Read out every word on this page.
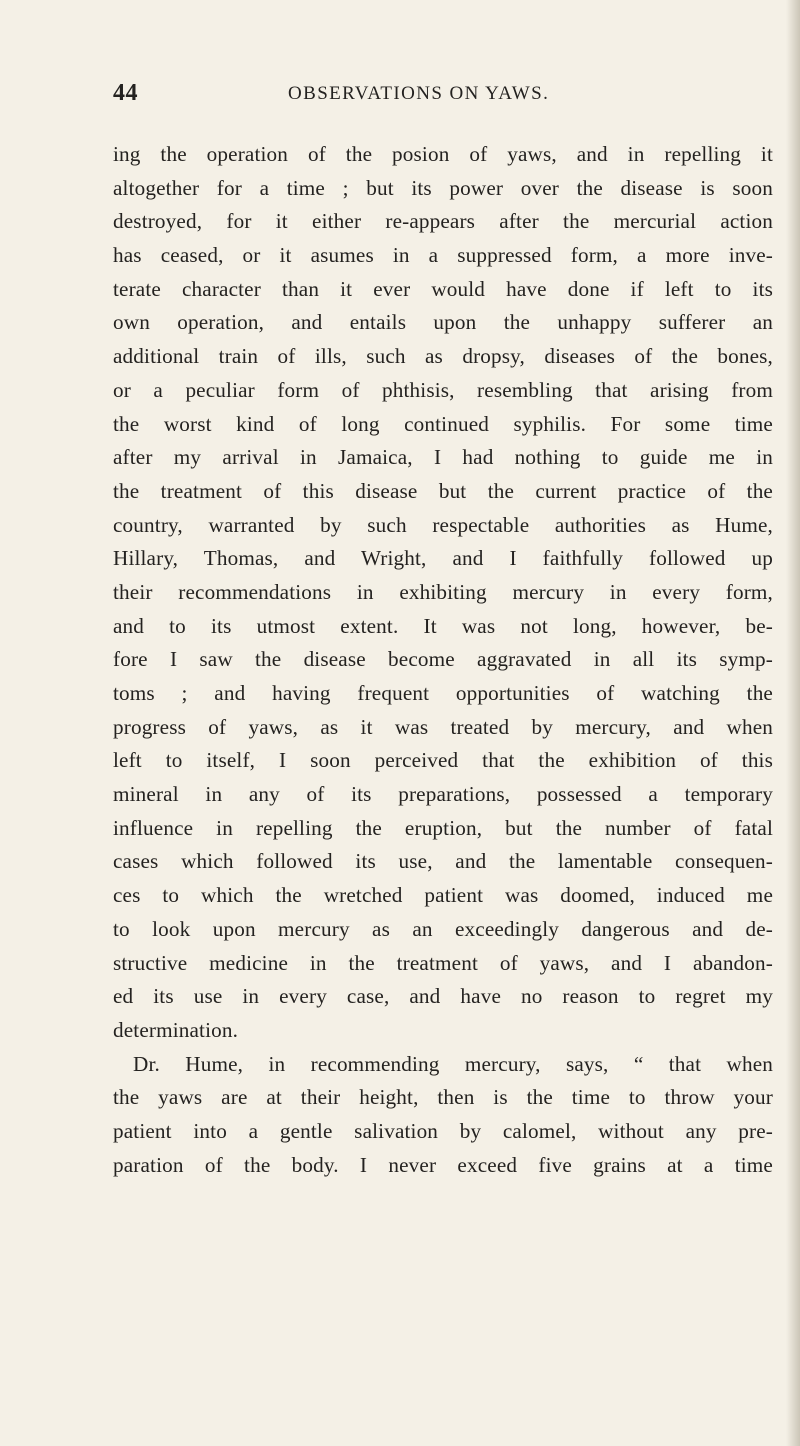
44	OBSERVATIONS ON YAWS.
ing the operation of the posion of yaws, and in repelling it
altogether for a time ; but its power over the disease is soon
destroyed, for it either re-appears after the mercurial action
has ceased, or it asumes in a suppressed form, a more inve-
terate character than it ever would have done if left to its
own operation, and entails upon the unhappy sufferer an
additional train of ills, such as dropsy, diseases of the bones,
or a peculiar form of phthisis, resembling that arising from
the worst kind of long continued syphilis. For some time
after my arrival in Jamaica, I had nothing to guide me in
the treatment of this disease but the current practice of the
country, warranted by such respectable authorities as Hume,
Hillary, Thomas, and Wright, and I faithfully followed up
their recommendations in exhibiting mercury in every form,
and to its utmost extent. It was not long, however, be-
fore I saw the disease become aggravated in all its symp-
toms ; and having frequent opportunities of watching the
progress of yaws, as it was treated by mercury, and when
left to itself, I soon perceived that the exhibition of this
mineral in any of its preparations, possessed a temporary
influence in repelling the eruption, but the number of fatal
cases which followed its use, and the lamentable consequen-
ces to which the wretched patient was doomed, induced me
to look upon mercury as an exceedingly dangerous and de-
structive medicine in the treatment of yaws, and I abandon-
ed its use in every case, and have no reason to regret my
determination.
Dr. Hume, in recommending mercury, says, “ that when
the yaws are at their height, then is the time to throw your
patient into a gentle salivation by calomel, without any pre-
paration of the body. I never exceed five grains at a time
